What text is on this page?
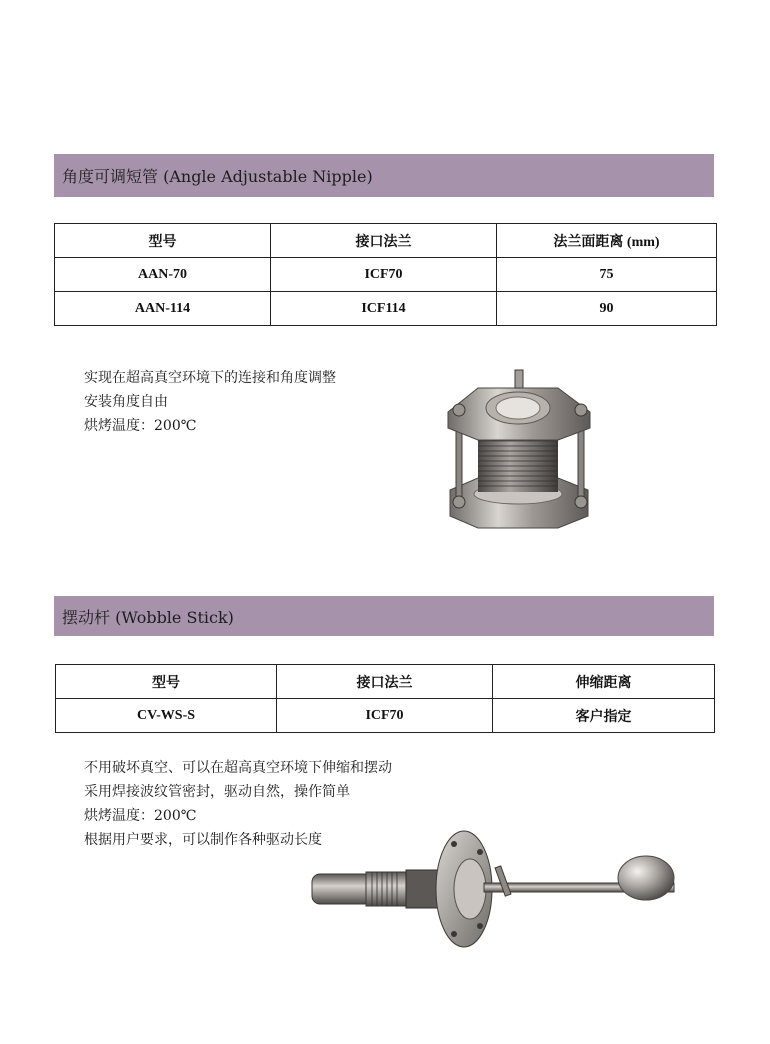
角度可调短管 (Angle Adjustable Nipple)
型号	接口法兰	法兰面距离 (mm)
AAN-70	ICF70	75
AAN-114	ICF114	90
实现在超高真空环境下的连接和角度调整
安装角度自由
烘烤温度：200℃
摆动杆 (Wobble Stick)
型号	接口法兰	伸缩距离
CV-WS-S	ICF70	客户指定
不用破坏真空、可以在超高真空环境下伸缩和摆动
采用焊接波纹管密封，驱动自然，操作简单
烘烤温度：200℃
根据用户要求，可以制作各种驱动长度
